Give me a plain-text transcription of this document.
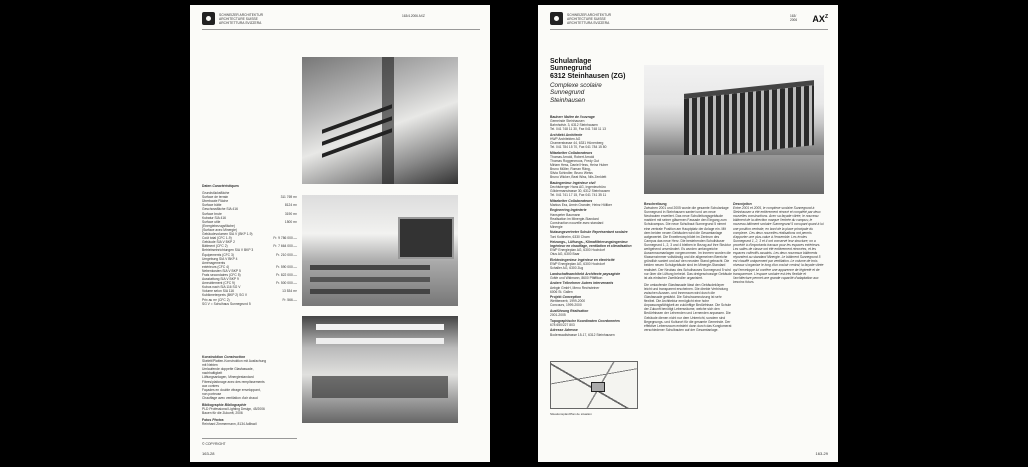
SCHWEIZER ARCHITEKTUR
ARCHITECTURE SUISSE
ARCHITETTURA SVIZZERA
163/4.2006 AXZ
Daten Caractéristiques
Grundstücksfläche
Surface de terrain	311 769 m²
Überbaute Fläche
Surface bâtie	8124 m²
Geschossfläche SIA 416
Surface brute	3190 m²
Kubatur SIA 416
Surface utile	1500 m²
(Energiebezugsfläche)
(Surface avec Minergie)
Gebäudevolumen SIA V (BKP 1-9)
Coût total (CFC 1-9)	Fr. 9 786 000.—
Gebäude SIA V BKP 2
Bâtiment (CFC 2)	Fr. 7 664 000.—
Betriebseinrichtungen SIA V BKP 3
Équipements (CFC 3)	Fr. 210 000.—
Umgebung SIA V BKP 4
Aménagements
extérieurs (CFC 4)	Fr. 590 000.—
Nebenkosten SIA V BKP 5
Frais secondaires (CFC 5)	Fr. 822 000.—
Ausstattung SIA V BKP 9
Ameublement (CFC 9)	Fr. 500 000.—
Kubus nach SIA 116 SG V
Volume selon SIA 116	13 534 m³
Kubikmeterpreis (BKP 2) SG V
Prix au m³ (CFC 2)	Fr. 566.—
SG V = Schulhaus Sunnegrund 5
Konstruktion Construction
Skelett/Platten-Konstruktion mit Ausfachung
mit Nebien
Umlaufende doppelte Glasfassade,
nachhaltigkeit
Lüftungsanlagen, Minergiestandard
Fibres/plafonage avec des remplissements
aux contres
Façades en double vitrage enveloppant,
non porteuse
Chauffage avec ventilation d'air chaud
Bibliographie Bibliographie
PLD Professional Lighting Design, 45/2006
Bauen für die Zukunft, 2006
Fotos Photos
Reinhard Zimmermann, 8134 Adliswil
© COPYRIGHT
163-28
SCHWEIZER ARCHITEKTUR
ARCHITECTURE SUISSE
ARCHITETTURA SVIZZERA
163/
2006 $AX^Z$
Schulanlage
Sunnegrund
6312 Steinhausen (ZG)
Complexe scolaire
Sunnegrund
Steinhausen
Bauherr Maître de l'ouvrage
Gemeinde Steinhausen
Bahnhofstr. 3, 6312 Steinhausen
Tel. 041 748 11 30, Fax 041 748 11 13
Architekt Architecte
HWP Architekten AG
Chamerstrasse 44, 6331 Hünenberg
Tel. 041 784 15 70, Fax 041 784 15 80
Mitarbeiter Collaborateurs
Thomas Arnold, Robert Arnold
Thomas Roggenmoos, Fredy Gut
Miriam Hess, Daniel Hess, Heinz Huber
Bruno Müller, Roman Räng,
Silvia Schindler, Bruno Weiss
Bruno Wicker, Beat Wiss, Nils Zenklett
Bauingenieur Ingénieur civil
Dechlsberger Hans AG, Ingenieurbüro
Göldermanstrasse 30, 6312 Steinhausen
Tel. 041 741 17 15, Fax 041 741 35 11
Mitarbeiter Collaborateurs
Markus Ess, Armin Grander, Heinz Höltker
Engineering Ingénierie
Hanspeter Baumann
Realisation im Minergie-Standard
Construction nouvelle avec standard
Minergie
Nutzungsvertreter Schule Représentant scolaire
Toni Kolbheim, 6330 Cham
Heizungs-, Lüftungs-, Klimafiltrierungsingenieur Ingénieur en chauffage, ventilation et climatisation
EWP Energieplan AG, 6300 Hochdorf
Otus AG, 6300 Baar
Elektroingenieur Ingénieur en électricité
EWP Energieplan AG, 6300 Hochdorf
Schaller AG, 6300 Zug
Landschaftsarchitekt Architecte paysagiste
Gräfe und Widmann, 8600 Pfäffikon
Andere Teilnehmer Autres intervenants
Aebgin GmbH, Meno Rechsteiner
6006 St. Gallen
Projekt Conception
Wettbewerb, 1999-2000
Concours, 1999-2000
Ausführung Réalisation
2001-2005
Topographische Koordinaten Coordonnées
678 650/227 803
Adresse Adresse
Bodenwadistrasse 15-17, 6312 Steinhausen
Beschreibung
Zwischen 2001 und 2005 wurde die gesamte Schulanlage Sunnegrund in Steinhausen saniert und um neue Neubauten erweitert. Das neue Schulleitungsgebäude markiert mit seiner gläsernen Fassade den Eingang zum Schulcampus. Die neue Schulbaut Sunnegrund 5 nimmt eine zentrale Position am Hauptplatz der Anlage ein. Mit dem beiden neuen Gebäuden wird die Gesamtanlage aufgewertet. Die Erweiterung bildet im Zentrum des Campus das neue Herz. Die bestehenden Schulhäuser Sunnegrund 1, 2, 3 und 4 bleiben in Bezug auf ihre Struktur weitgehend unverändert. Es wurden umfangreiche Aussenraumanlagen vorgenommen. Im Inneren wurden die Klassenzimmer vollständig und die allgemeinen Bereiche gründlich saniert und auf den neusten Stand gebracht. Die beiden neuen Schulgebäude sind im Minergie-Standard realisiert. Der Neubau des Schulhauses Sunnegrund 5 wird nur über die Lüftung beheizt. Das dreigeschossige Gebäude ist als einfacher Zweibündler organisiert.
Die umlaufende Glasfassade lässt den Gebäudekörper leicht und transparent erscheinen. Die direkte Verbindung zwischen Aussen- und Innenraum wird durch die Glasfassade gestärkt. Die Schulraumnutzung ist sehr flexibel. Die Architektur ermöglicht eine hohe Anpassungsfähigkeit an zukünftige Bedürfnisse. Die Schule der Zukunft benötigt Lebensräume, welche sich den Bedürfnissen der Lehrenden und Lernenden anpassen. Die Gebäude dienen nicht nur dem Unterricht, sondern sind Begegnungs- und Kulturort für die gesamte Gemeinde. Der effektive Lebensraum entsteht dann durch das Konglomerat verschiedener Schulbauten auf der Gesamtanlage.
Situationsplan/Plan de situation
Description
Entre 2001 et 2005, le complexe scolaire Sunnegrund à Steinhausen a été entièrement rénové et complété par deux nouvelles constructions. Avec sa façade vitrée, le nouveau bâtiment de la direction marque l'entrée du campus; le nouveau bâtiment scolaire Sunnegrund 5 occupant quant à lui une position centrale, en bord de la place principale du complexe. Ces deux nouvelles réalisations ont permis d'apporter une plus-value à l'ensemble. Les écoles Sunnegrund 1, 2, 3 et 4 ont conservé leur structure; on a procédé à d'importants travaux pour les espaces extérieurs. Les salles de classe ont été entièrement rénovées, et les espaces collectifs assainis. Les deux nouveaux bâtiments répondent au standard Minergie. Le bâtiment Sunnegrund 5 est chauffé uniquement par ventilation. Le volume de trois niveaux s'organise le long d'un couloir central; la façade vitrée qui l'enveloppe lui confère une apparence de légèreté et de transparence. L'espace scolaire est très flexible et l'architecture permet une grande capacité d'adaptation aux besoins futurs.
163-29
